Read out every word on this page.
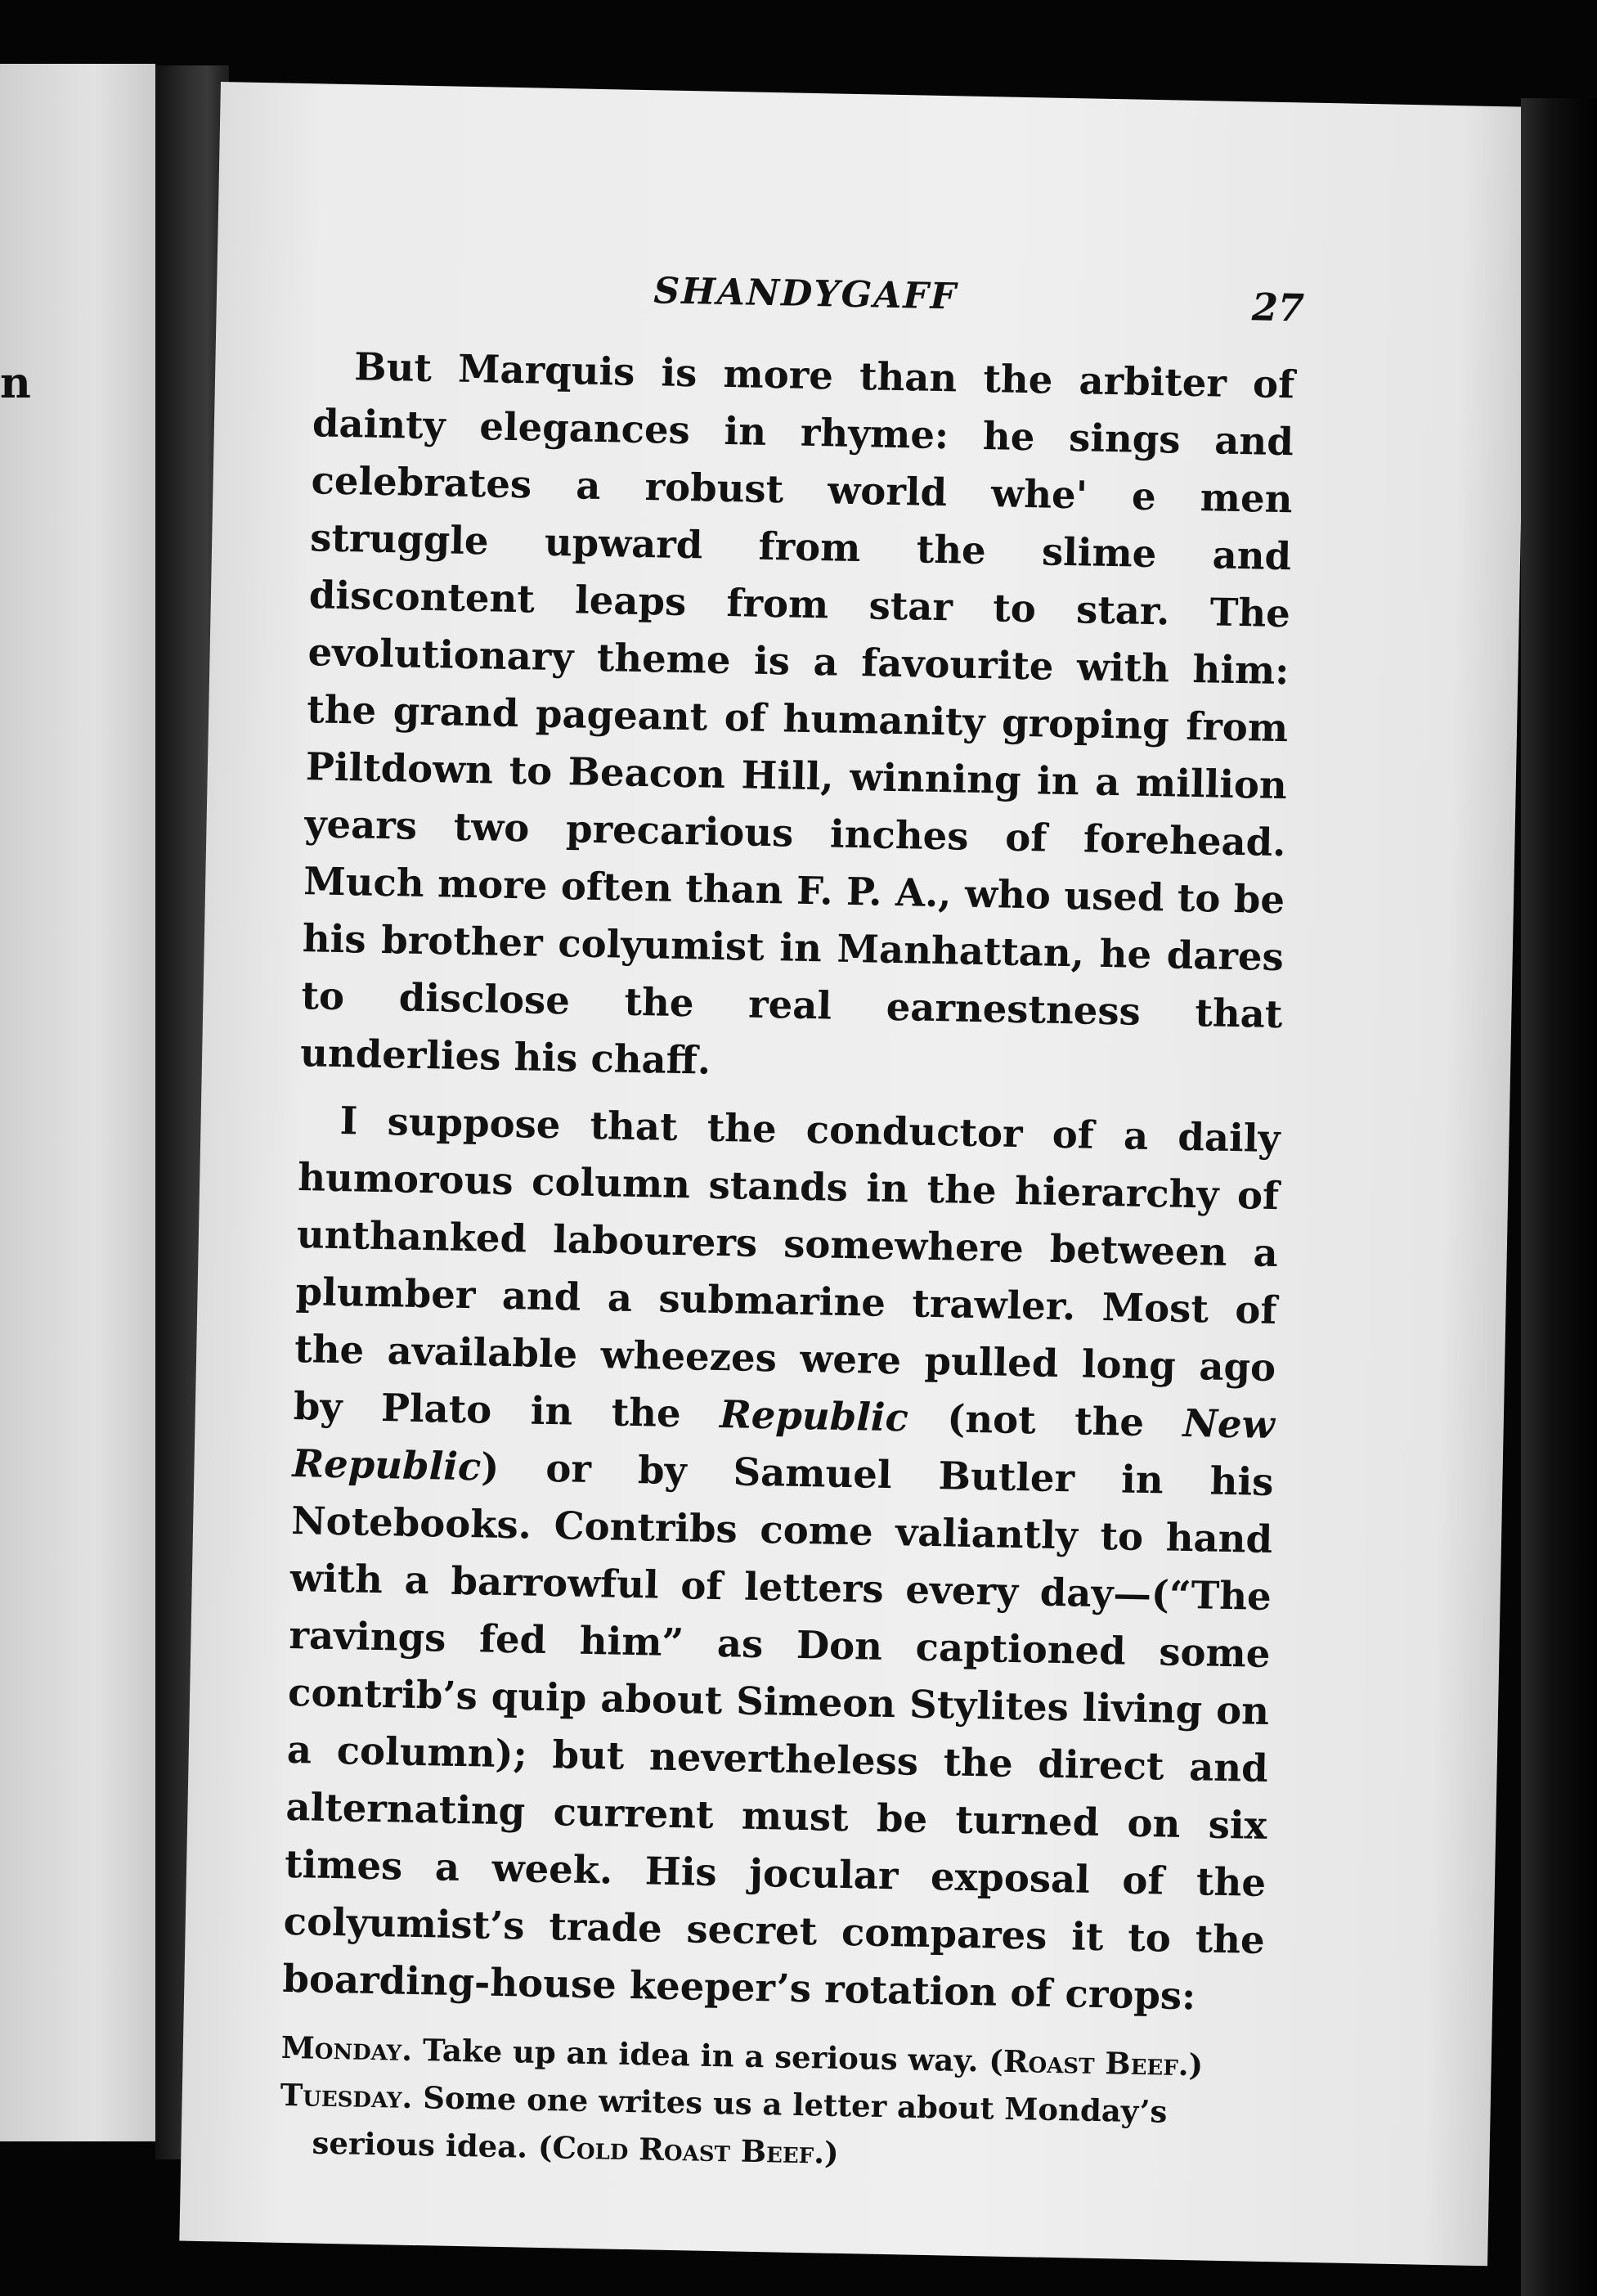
n
SHANDYGAFF	27

But Marquis is more than the arbiter of dainty elegances in rhyme: he sings and celebrates a robust world whe' e men struggle upward from the slime and discontent leaps from star to star. The evolutionary theme is a favourite with him: the grand pageant of humanity groping from Piltdown to Beacon Hill, winning in a million years two precarious inches of forehead. Much more often than F. P. A., who used to be his brother colyumist in Manhattan, he dares to disclose the real earnestness that underlies his chaff.

I suppose that the conductor of a daily humorous column stands in the hierarchy of unthanked labourers somewhere between a plumber and a submarine trawler. Most of the available wheezes were pulled long ago by Plato in the Republic (not the New Republic) or by Samuel Butler in his Notebooks. Contribs come valiantly to hand with a barrowful of letters every day—(“The ravings fed him” as Don captioned some contrib’s quip about Simeon Stylites living on a column); but nevertheless the direct and alternating current must be turned on six times a week. His jocular exposal of the colyumist’s trade secret compares it to the boarding-house keeper’s rotation of crops:

Monday. Take up an idea in a serious way. (Roast Beef.)
Tuesday. Some one writes us a letter about Monday’s serious idea. (Cold Roast Beef.)
